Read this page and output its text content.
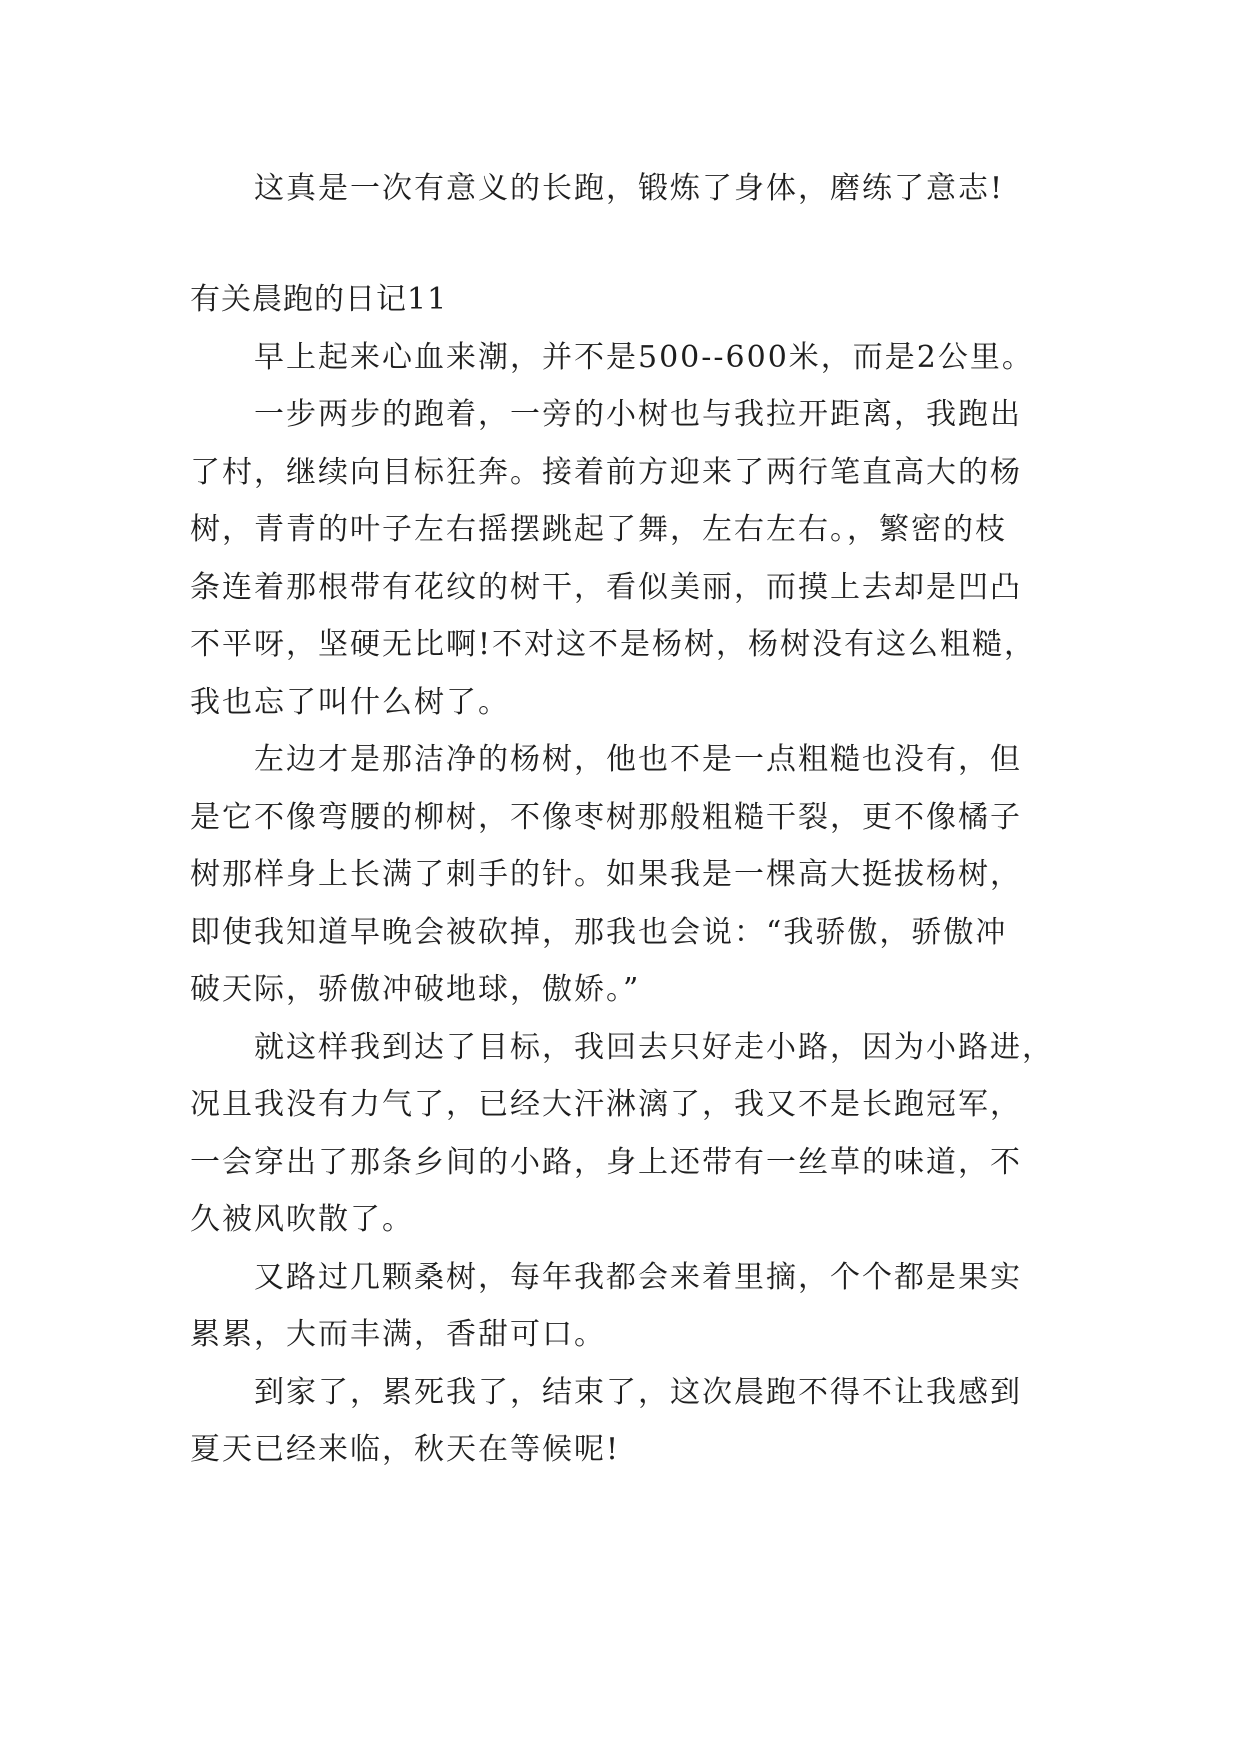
这真是一次有意义的长跑，锻炼了身体，磨练了意志!
有关晨跑的日记11
早上起来心血来潮，并不是500--600米，而是2公里。
一步两步的跑着，一旁的小树也与我拉开距离，我跑出
了村，继续向目标狂奔。接着前方迎来了两行笔直高大的杨
树，青青的叶子左右摇摆跳起了舞，左右左右。，繁密的枝
条连着那根带有花纹的树干，看似美丽，而摸上去却是凹凸
不平呀，坚硬无比啊!不对这不是杨树，杨树没有这么粗糙，
我也忘了叫什么树了。
左边才是那洁净的杨树，他也不是一点粗糙也没有，但
是它不像弯腰的柳树，不像枣树那般粗糙干裂，更不像橘子
树那样身上长满了刺手的针。如果我是一棵高大挺拔杨树，
即使我知道早晚会被砍掉，那我也会说：“我骄傲，骄傲冲
破天际，骄傲冲破地球，傲娇。”
就这样我到达了目标，我回去只好走小路，因为小路进，
况且我没有力气了，已经大汗淋漓了，我又不是长跑冠军，
一会穿出了那条乡间的小路，身上还带有一丝草的味道，不
久被风吹散了。
又路过几颗桑树，每年我都会来着里摘，个个都是果实
累累，大而丰满，香甜可口。
到家了，累死我了，结束了，这次晨跑不得不让我感到
夏天已经来临，秋天在等候呢!
